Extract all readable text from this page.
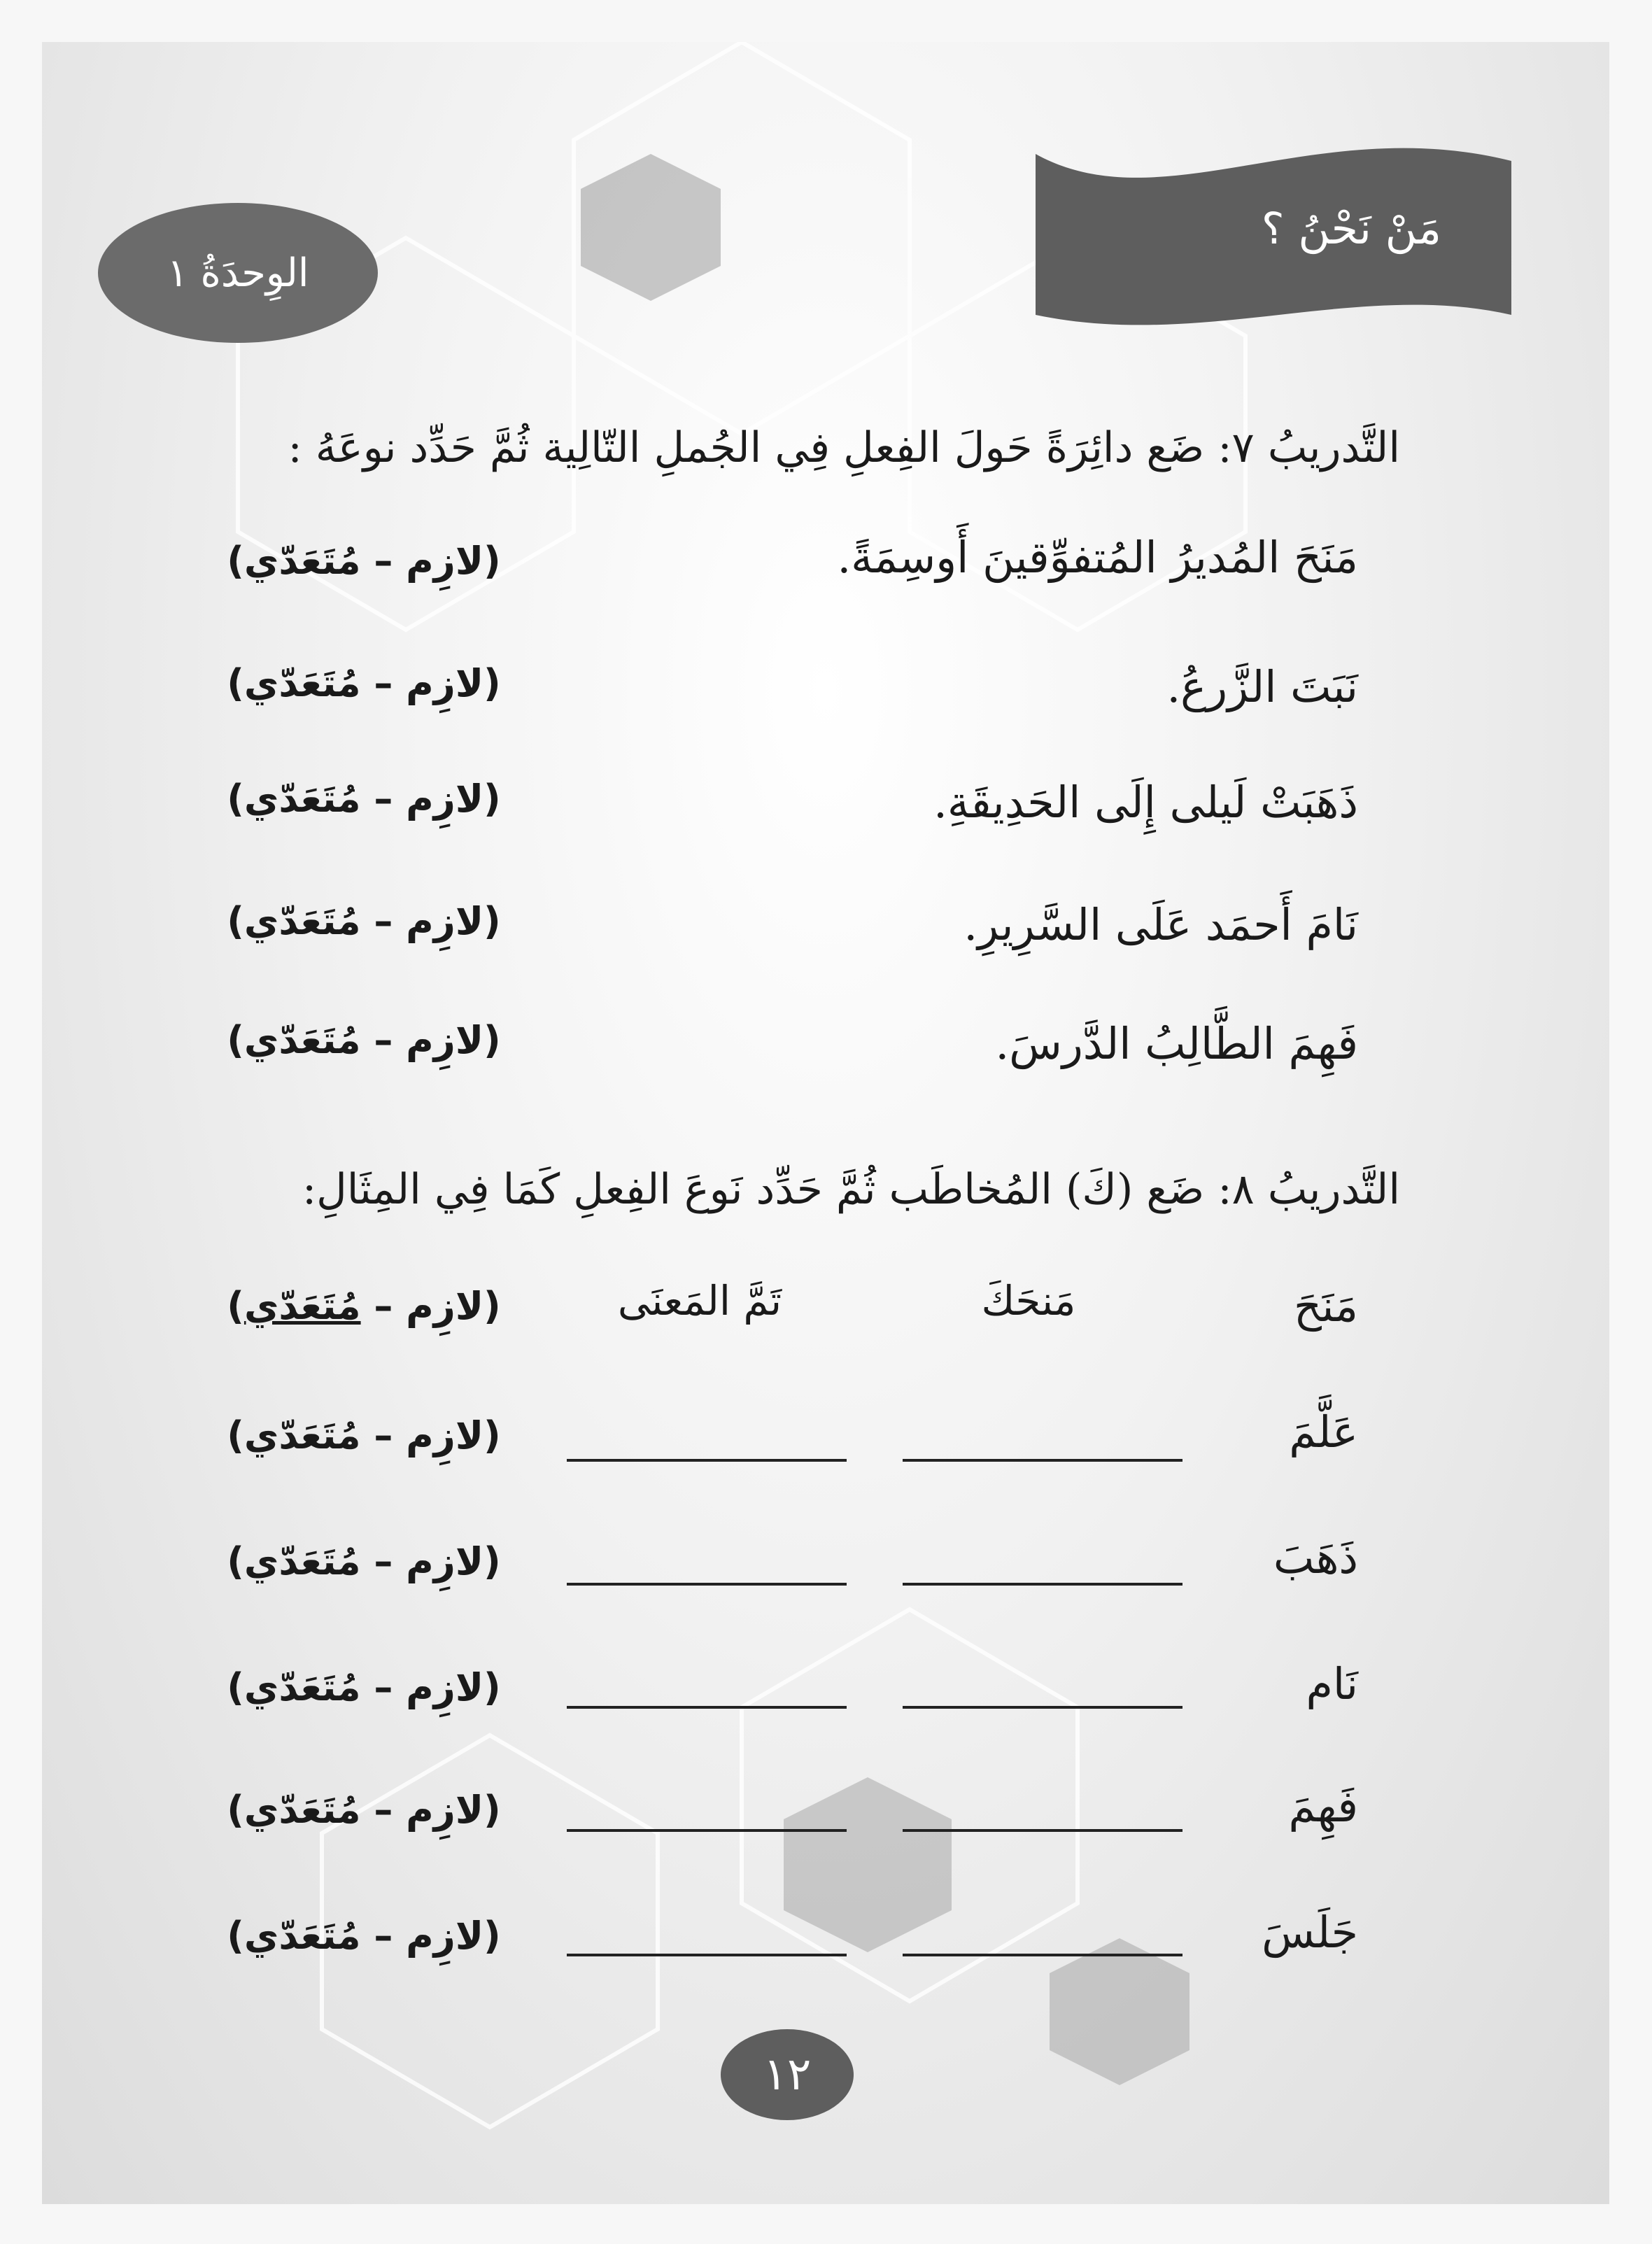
الوِحدَةُ ١
مَنْ نَحْنُ ؟
التَّدريبُ ٧: ضَع دائِرَةً حَولَ الفِعلِ فِي الجُملِ التّالِية ثُمَّ حَدِّد نوعَهُ :
مَنَحَ المُديرُ المُتفوِّقينَ أَوسِمَةً.
(لازِم – مُتَعَدّي)
نَبَتَ الزَّرعُ.
(لازِم – مُتَعَدّي)
ذَهَبَتْ لَيلى إِلَى الحَدِيقَةِ.
(لازِم – مُتَعَدّي)
نَامَ أَحمَد عَلَى السَّرِيرِ.
(لازِم – مُتَعَدّي)
فَهِمَ الطَّالِبُ الدَّرسَ.
(لازِم – مُتَعَدّي)
التَّدريبُ ٨: ضَع (كَ) المُخاطَب ثُمَّ حَدِّد نَوعَ الفِعلِ كَمَا فِي المِثَالِ:
مَنَحَ
مَنحَكَ
تَمَّ المَعنَى
(لازِم – مُتَعَدّي)
عَلَّمَ
(لازِم – مُتَعَدّي)
ذَهَبَ
(لازِم – مُتَعَدّي)
نَام
(لازِم – مُتَعَدّي)
فَهِمَ
(لازِم – مُتَعَدّي)
جَلَسَ
(لازِم – مُتَعَدّي)
١٢
